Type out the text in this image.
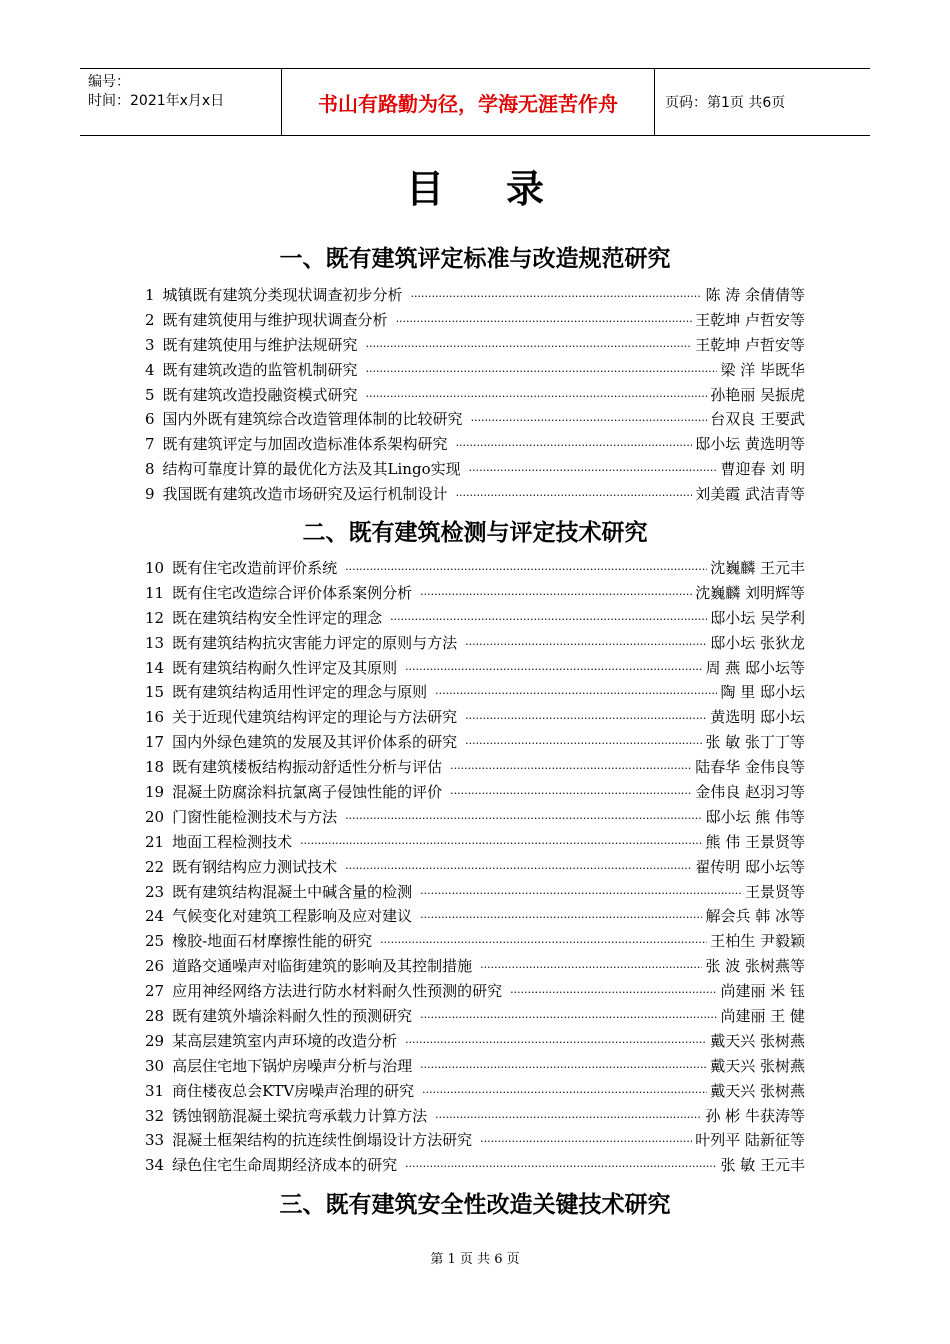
编号：
时间：2021年x月x日	书山有路勤为径，学海无涯苦作舟	页码：第1页 共6页
目录
一、既有建筑评定标准与改造规范研究
1 城镇既有建筑分类现状调查初步分析 ·····	陈 涛 余倩倩等
2 既有建筑使用与维护现状调查分析 ·····	王乾坤 卢哲安等
3 既有建筑使用与维护法规研究 ·····	王乾坤 卢哲安等
4 既有建筑改造的监管机制研究 ·····	梁 洋 毕既华
5 既有建筑改造投融资模式研究 ·····	孙艳丽 吴振虎
6 国内外既有建筑综合改造管理体制的比较研究 ·····	台双良 王要武
7 既有建筑评定与加固改造标准体系架构研究 ·····	邸小坛 黄选明等
8 结构可靠度计算的最优化方法及其Lingo实现 ·····	曹迎春 刘 明
9 我国既有建筑改造市场研究及运行机制设计 ·····	刘美霞 武洁青等
二、既有建筑检测与评定技术研究
10 既有住宅改造前评价系统 ·····	沈巍麟 王元丰
11 既有住宅改造综合评价体系案例分析 ·····	沈巍麟 刘明辉等
12 既在建筑结构安全性评定的理念 ·····	邸小坛 吴学利
13 既有建筑结构抗灾害能力评定的原则与方法 ·····	邸小坛 张狄龙
14 既有建筑结构耐久性评定及其原则 ·····	周 燕 邸小坛等
15 既有建筑结构适用性评定的理念与原则 ·····	陶 里 邸小坛
16 关于近现代建筑结构评定的理论与方法研究 ·····	黄选明 邸小坛
17 国内外绿色建筑的发展及其评价体系的研究 ·····	张 敏 张丁丁等
18 既有建筑楼板结构振动舒适性分析与评估 ·····	陆春华 金伟良等
19 混凝土防腐涂料抗氯离子侵蚀性能的评价 ·····	金伟良 赵羽习等
20 门窗性能检测技术与方法 ·····	邸小坛 熊 伟等
21 地面工程检测技术 ·····	熊 伟 王景贤等
22 既有钢结构应力测试技术 ·····	翟传明 邸小坛等
23 既有建筑结构混凝土中碱含量的检测 ·····	王景贤等
24 气候变化对建筑工程影响及应对建议 ·····	解会兵 韩 冰等
25 橡胶-地面石材摩擦性能的研究 ·····	王柏生 尹毅颖
26 道路交通噪声对临街建筑的影响及其控制措施 ·····	张 波 张树燕等
27 应用神经网络方法进行防水材料耐久性预测的研究 ·····	尚建丽 米 钰
28 既有建筑外墙涂料耐久性的预测研究 ·····	尚建丽 王 健
29 某高层建筑室内声环境的改造分析 ·····	戴天兴 张树燕
30 高层住宅地下锅炉房噪声分析与治理 ·····	戴天兴 张树燕
31 商住楼夜总会KTV房噪声治理的研究 ·····	戴天兴 张树燕
32 锈蚀钢筋混凝土梁抗弯承载力计算方法 ·····	孙 彬 牛获涛等
33 混凝土框架结构的抗连续性倒塌设计方法研究 ·····	叶列平 陆新征等
34 绿色住宅生命周期经济成本的研究 ·····	张 敏 王元丰
三、既有建筑安全性改造关键技术研究
第 1 页 共 6 页
